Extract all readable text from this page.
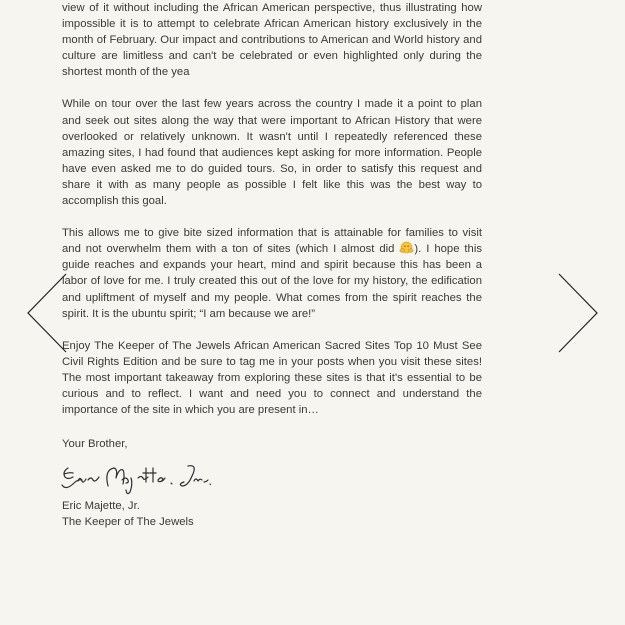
view of it without including the African American perspective, thus illustrating how impossible it is to attempt to celebrate African American history exclusively in the month of February. Our impact and contributions to American and World history and culture are limitless and can't be celebrated or even highlighted only during the shortest month of the yea

While on tour over the last few years across the country I made it a point to plan and seek out sites along the way that were important to African History that were overlooked or relatively unknown. It wasn't until I repeatedly referenced these amazing sites, I had found that audiences kept asking for more information. People have even asked me to do guided tours. So, in order to satisfy this request and share it with as many people as possible I felt like this was the best way to accomplish this goal.

This allows me to give bite sized information that is attainable for families to visit and not overwhelm them with a ton of sites (which I almost did ). I hope this guide reaches and expands your heart, mind and spirit because this has been a labor of love for me. I truly created this out of the love for my history, the edification and upliftment of myself and my people. What comes from the spirit reaches the spirit. It is the ubuntu spirit; “I am because we are!”

Enjoy The Keeper of The Jewels African American Sacred Sites Top 10 Must See Civil Rights Edition and be sure to tag me in your posts when you visit these sites! The most important takeaway from exploring these sites is that it's essential to be curious and to reflect. I want and need you to connect and understand the importance of the site in which you are present in…

Your Brother,

Eric Majette, Jr.

The Keeper of The Jewels
